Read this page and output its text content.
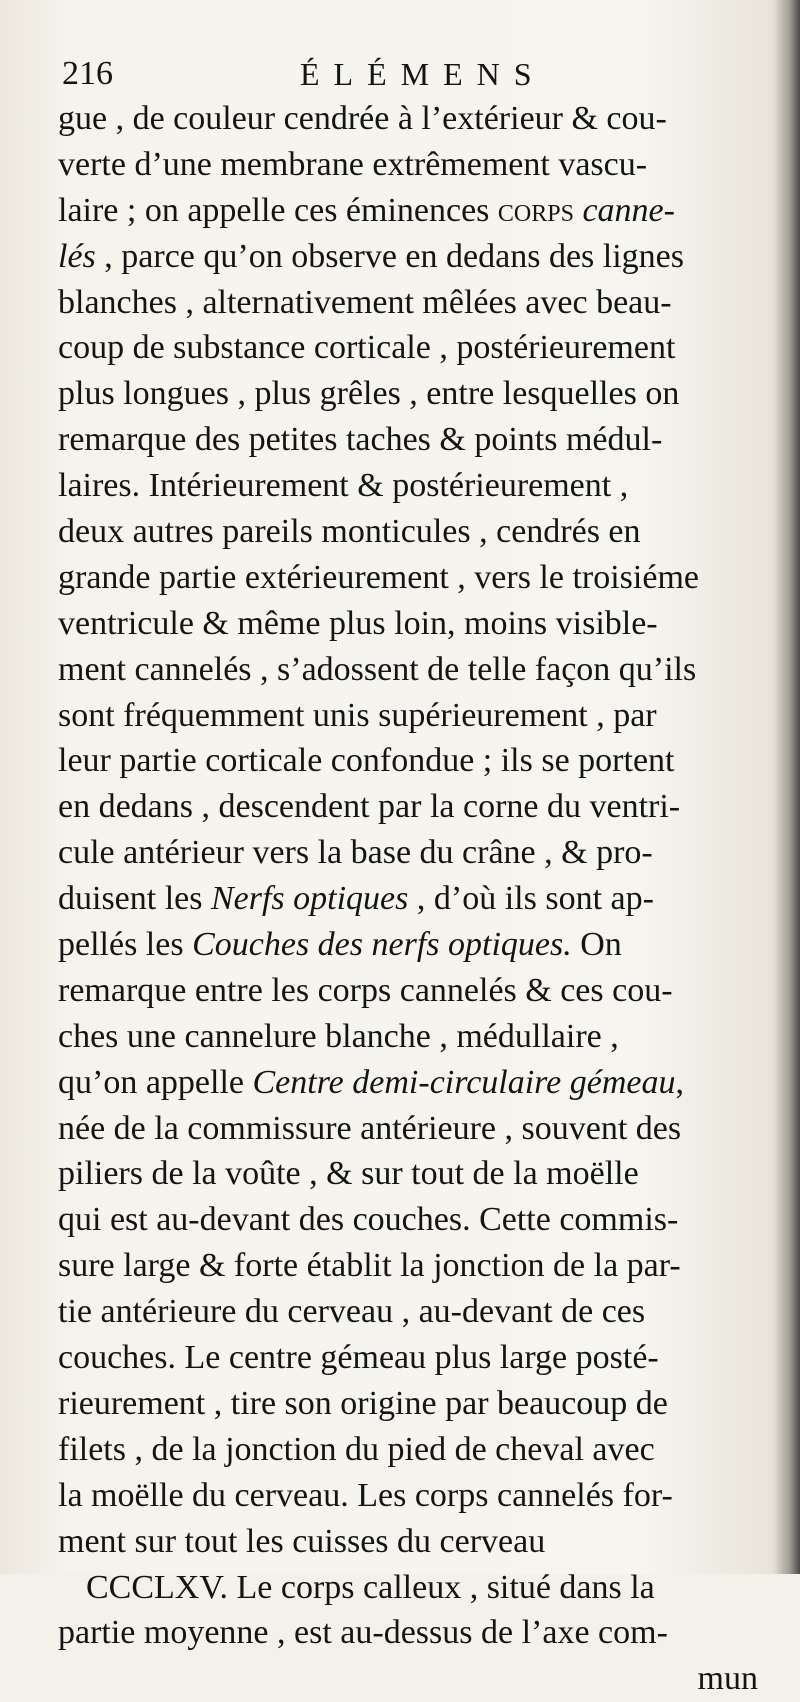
216	ÉLÉMENS
gue , de couleur cendrée à l’extérieur & cou-
verte d’une membrane extrêmement vascu-
laire ; on appelle ces éminences corps canne-
lés , parce qu’on observe en dedans des lignes
blanches , alternativement mêlées avec beau-
coup de substance corticale , postérieurement
plus longues , plus grêles , entre lesquelles on
remarque des petites taches & points médul-
laires. Intérieurement & postérieurement ,
deux autres pareils monticules , cendrés en
grande partie extérieurement , vers le troisiéme
ventricule & même plus loin, moins visible-
ment cannelés , s’adossent de telle façon qu’ils
sont fréquemment unis supérieurement , par
leur partie corticale confondue ; ils se portent
en dedans , descendent par la corne du ventri-
cule antérieur vers la base du crâne , & pro-
duisent les Nerfs optiques , d’où ils sont ap-
pellés les Couches des nerfs optiques. On
remarque entre les corps cannelés & ces cou-
ches une cannelure blanche , médullaire ,
qu’on appelle Centre demi-circulaire gémeau,
née de la commissure antérieure , souvent des
piliers de la voûte , & sur tout de la moëlle
qui est au-devant des couches. Cette commis-
sure large & forte établit la jonction de la par-
tie antérieure du cerveau , au-devant de ces
couches. Le centre gémeau plus large posté-
rieurement , tire son origine par beaucoup de
filets , de la jonction du pied de cheval avec
la moëlle du cerveau. Les corps cannelés for-
ment sur tout les cuisses du cerveau
CCCLXV. Le corps calleux , situé dans la
partie moyenne , est au-dessus de l’axe com-
mun
